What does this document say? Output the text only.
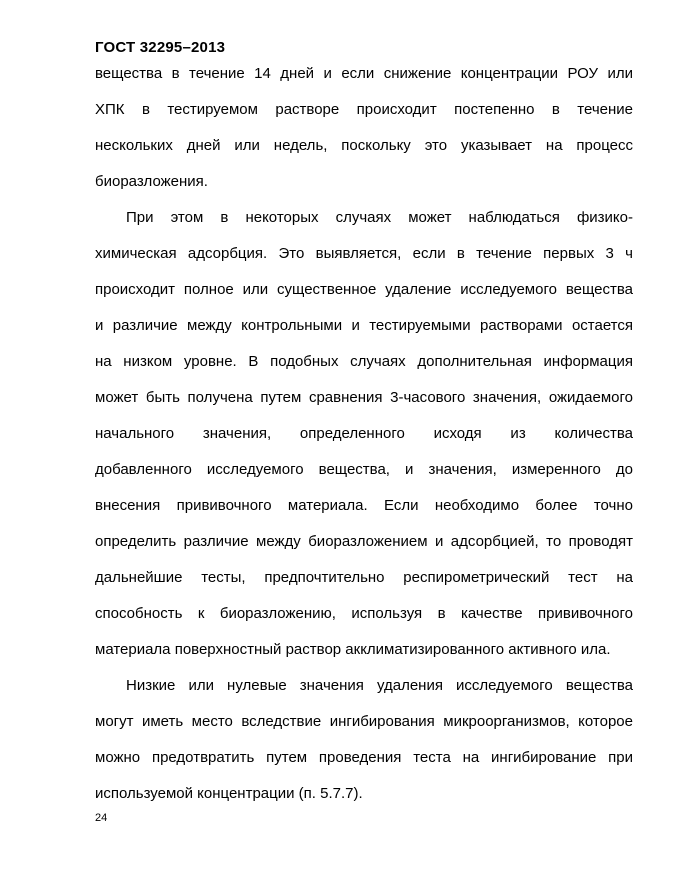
ГОСТ 32295–2013
вещества в течение 14 дней и если снижение концентрации РОУ или
ХПК в тестируемом растворе происходит постепенно в течение
нескольких дней или недель, поскольку это указывает на процесс
биоразложения.
При этом в некоторых случаях может наблюдаться физико-
химическая адсорбция. Это выявляется, если в течение первых 3 ч
происходит полное или существенное удаление исследуемого вещества
и различие между контрольными и тестируемыми растворами остается
на низком уровне. В подобных случаях дополнительная информация
может быть получена путем сравнения 3-часового значения, ожидаемого
начального значения, определенного исходя из количества
добавленного исследуемого вещества, и значения, измеренного до
внесения прививочного материала. Если необходимо более точно
определить различие между биоразложением и адсорбцией, то проводят
дальнейшие тесты, предпочтительно респирометрический тест на
способность к биоразложению, используя в качестве прививочного
материала поверхностный раствор акклиматизированного активного ила.
Низкие или нулевые значения удаления исследуемого вещества
могут иметь место вследствие ингибирования микроорганизмов, которое
можно предотвратить путем проведения теста на ингибирование при
используемой концентрации (п. 5.7.7).
24
